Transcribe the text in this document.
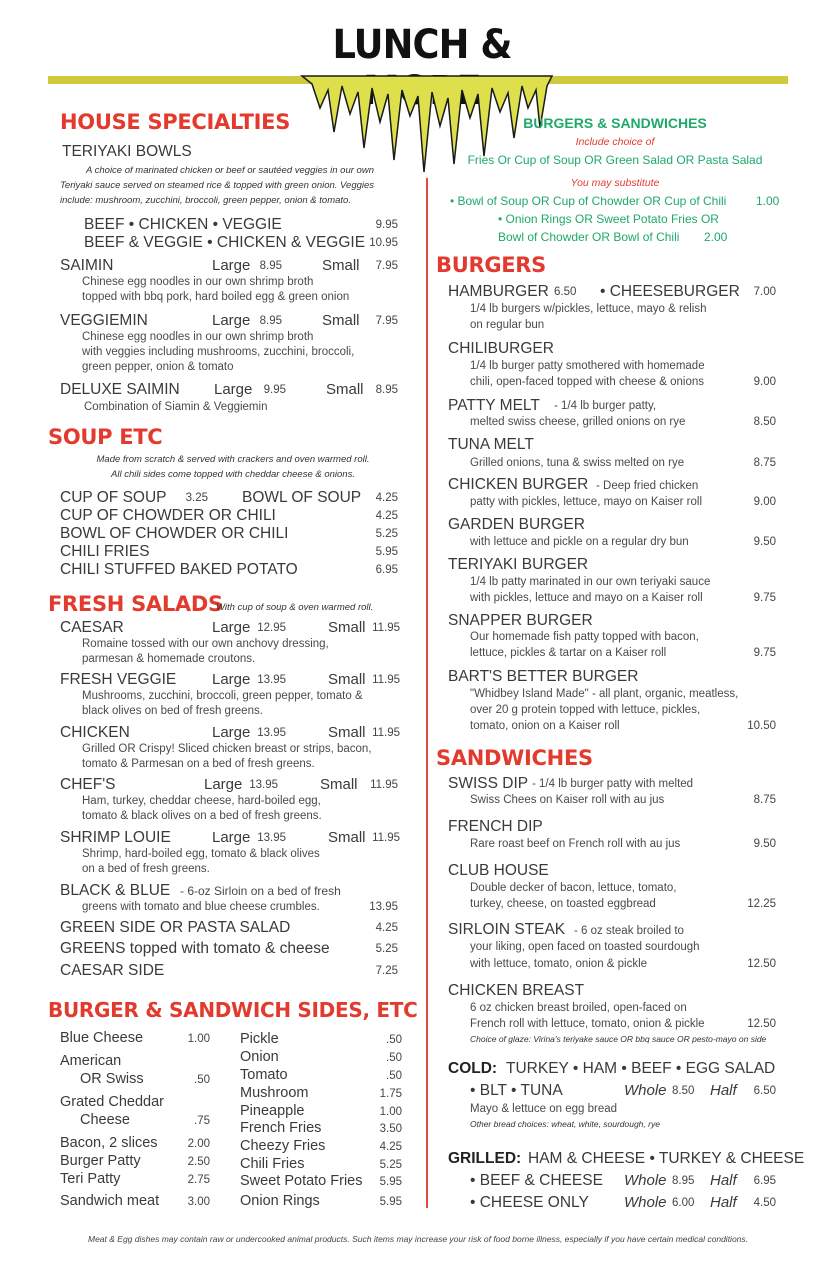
LUNCH &
HOUSE SPECIALTIES
TERIYAKI BOWLS
A choice of marinated chicken or beef or sautéed veggies in our own
Teriyaki sauce served on steamed rice & topped with green onion. Veggies
include: mushroom, zucchini, broccoli, green pepper, onion & tomato.
BEEF • CHICKEN • VEGGIE	9.95
BEEF & VEGGIE • CHICKEN & VEGGIE 10.95
SAIMIN	Large 8.95	Small	7.95
Chinese egg noodles in our own shrimp broth
topped with bbq pork, hard boiled egg & green onion
VEGGIEMIN	Large 8.95	Small	7.95
Chinese egg noodles in our own shrimp broth
with veggies including mushrooms, zucchini, broccoli,
green pepper, onion & tomato
DELUXE SAIMIN Large 9.95	Small	8.95
Combination of Siamin & Veggiemin
SOUP ETC
Made from scratch & served with crackers and oven warmed roll.
All chili sides come topped with cheddar cheese & onions.
CUP OF SOUP	3.25 BOWL OF SOUP	4.25
CUP OF CHOWDER OR CHILI	4.25
BOWL OF CHOWDER OR CHILI	5.25
CHILI FRIES	5.95
CHILI STUFFED BAKED POTATO	6.95
FRESH SALADS
With cup of soup & oven warmed roll.
CAESAR	Large 12.95	Small 11.95
Romaine tossed with our own anchovy dressing,
parmesan & homemade croutons.
FRESH VEGGIE Large 13.95	Small 11.95
Mushrooms, zucchini, broccoli, green pepper, tomato &
black olives on bed of fresh greens.
CHICKEN	Large 13.95	Small 11.95
Grilled OR Crispy! Sliced chicken breast or strips, bacon,
tomato & Parmesan on a bed of fresh greens.
CHEF'S	Large 13.95	Small	11.95
Ham, turkey, cheddar cheese, hard-boiled egg,
tomato & black olives on a bed of fresh greens.
SHRIMP LOUIE	Large 13.95	Small 11.95
Shrimp, hard-boiled egg, tomato & black olives
on a bed of fresh greens.
BLACK & BLUE - 6-oz Sirloin on a bed of fresh
greens with tomato and blue cheese crumbles.	13.95
GREEN SIDE OR PASTA SALAD	4.25
GREENS topped with tomato & cheese	5.25
CAESAR SIDE	7.25
BURGER & SANDWICH SIDES, ETC
Blue Cheese	1.00
American
OR Swiss	.50
Grated Cheddar
Cheese	.75
Bacon, 2 slices	2.00
Burger Patty	2.50
Teri Patty	2.75
Sandwich meat	3.00
Pickle	.50
Onion	.50
Tomato	.50
Mushroom	1.75
Pineapple	1.00
French Fries	3.50
Cheezy Fries	4.25
Chili Fries	5.25
Sweet Potato Fries	5.95
Onion Rings	5.95
BURGERS & SANDWICHES
Include choice of
Fries Or Cup of Soup OR Green Salad OR Pasta Salad
You may substitute
• Bowl of Soup OR Cup of Chowder OR Cup of Chili 1.00
• Onion Rings OR Sweet Potato Fries OR
Bowl of Chowder OR Bowl of Chili 2.00
BURGERS
HAMBURGER 6.50	• CHEESEBURGER	7.00
1/4 lb burgers w/pickles, lettuce, mayo & relish
on regular bun
CHILIBURGER
1/4 lb burger patty smothered with homemade
chili, open-faced topped with cheese & onions	9.00
PATTY MELT - 1/4 lb burger patty,
melted swiss cheese, grilled onions on rye	8.50
TUNA MELT
Grilled onions, tuna & swiss melted on rye	8.75
CHICKEN BURGER - Deep fried chicken
patty with pickles, lettuce, mayo on Kaiser roll	9.00
GARDEN BURGER
with lettuce and pickle on a regular dry bun	9.50
TERIYAKI BURGER
1/4 lb patty marinated in our own teriyaki sauce
with pickles, lettuce and mayo on a Kaiser roll	9.75
SNAPPER BURGER
Our homemade fish patty topped with bacon,
lettuce, pickles & tartar on a Kaiser roll	9.75
BART'S BETTER BURGER
"Whidbey Island Made" - all plant, organic, meatless,
over 20 g protein topped with lettuce, pickles,
tomato, onion on a Kaiser roll	10.50
SANDWICHES
SWISS DIP - 1/4 lb burger patty with melted
Swiss Chees on Kaiser roll with au jus	8.75
FRENCH DIP
Rare roast beef on French roll with au jus	9.50
CLUB HOUSE
Double decker of bacon, lettuce, tomato,
turkey, cheese, on toasted eggbread	12.25
SIRLOIN STEAK - 6 oz steak broiled to
your liking, open faced on toasted sourdough
with lettuce, tomato, onion & pickle	12.50
CHICKEN BREAST
6 oz chicken breast broiled, open-faced on
French roll with lettuce, tomato, onion & pickle	12.50
Choice of glaze: Virina's teriyake sauce OR bbq sauce OR pesto-mayo on side
COLD: TURKEY • HAM • BEEF • EGG SALAD
• BLT • TUNA	Whole 8.50	Half	6.50
Mayo & lettuce on egg bread
Other bread choices: wheat, white, sourdough, rye
GRILLED: HAM & CHEESE • TURKEY & CHEESE
• BEEF & CHEESE Whole 8.95	Half	6.95
• CHEESE ONLY Whole 6.00	Half	4.50
Meat & Egg dishes may contain raw or undercooked animal products. Such items may increase your risk of food borne illness, especially if you have certain medical conditions.
